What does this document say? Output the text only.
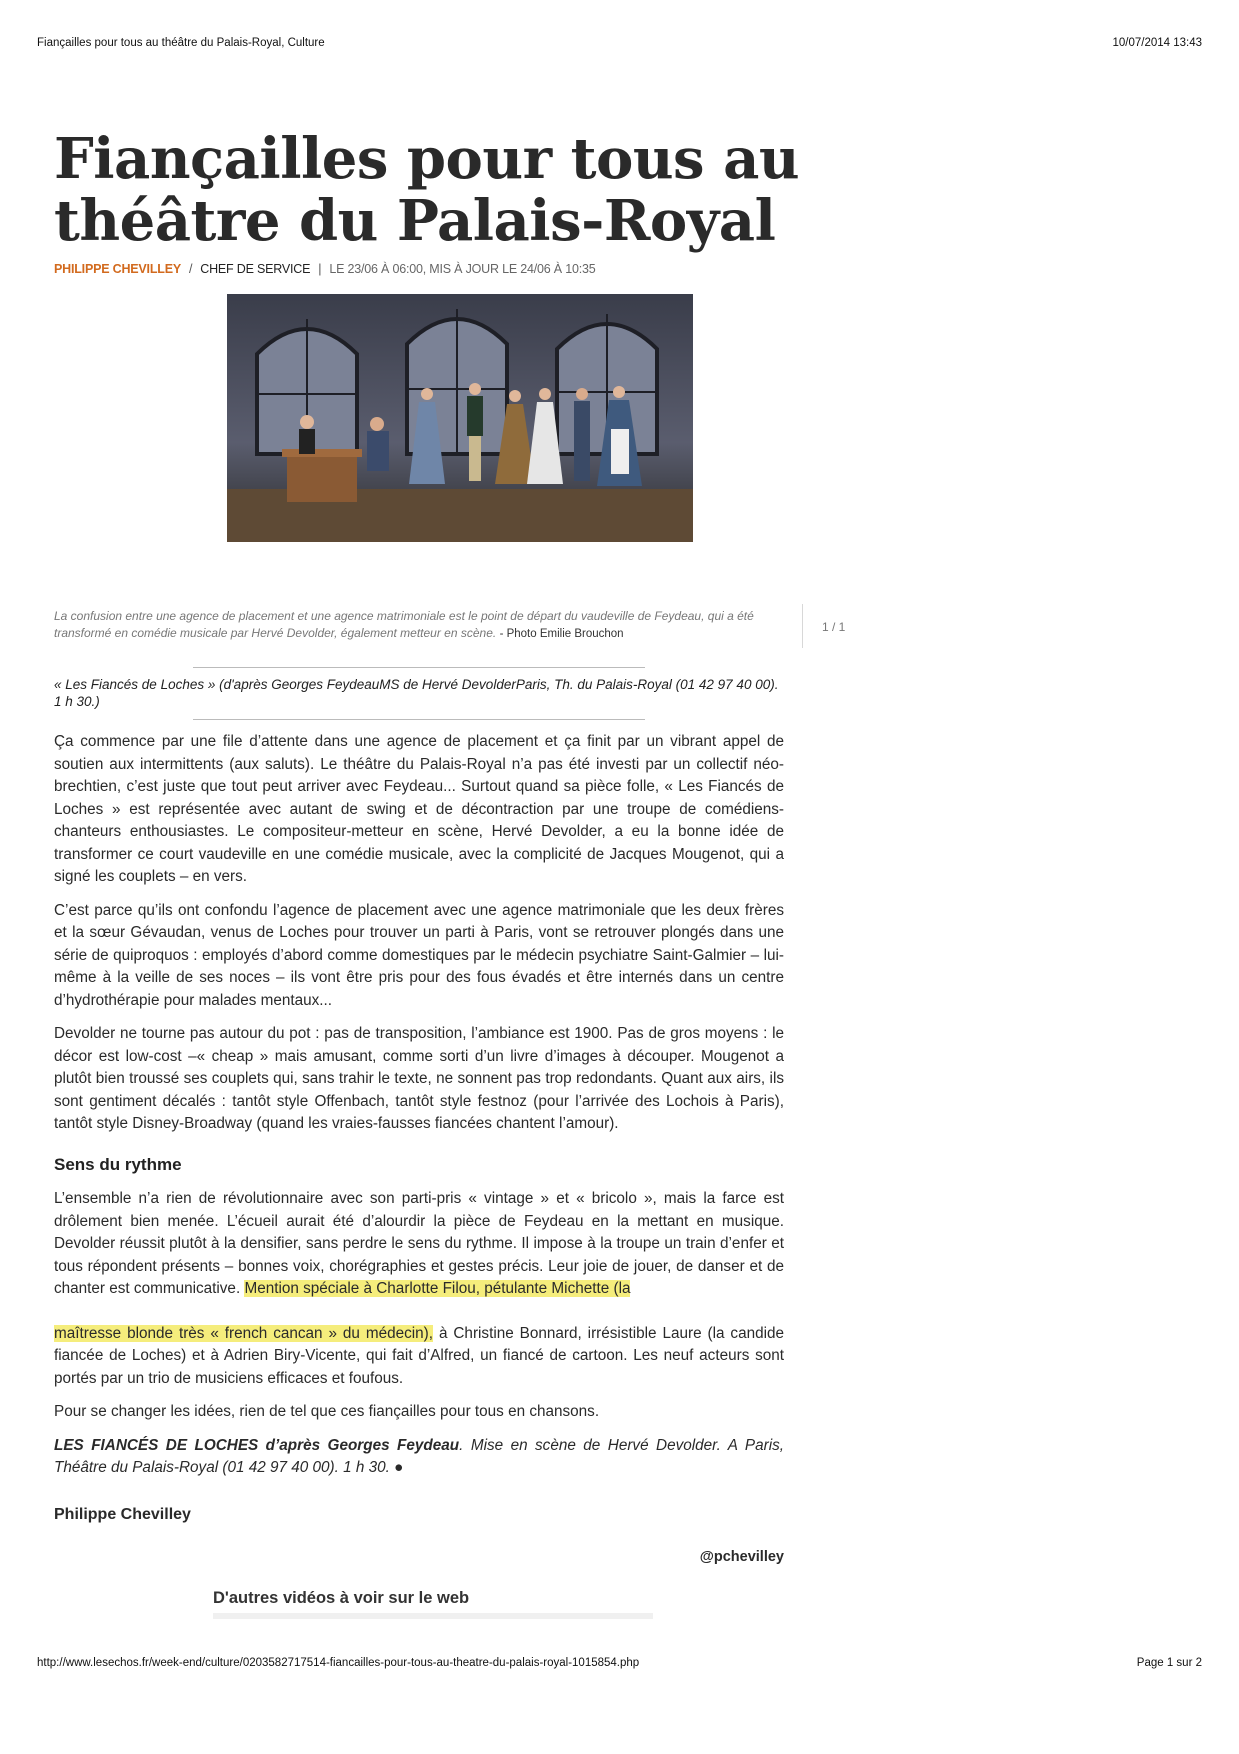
Fiançailles pour tous au théâtre du Palais-Royal, Culture	10/07/2014 13:43
Fiançailles pour tous au théâtre du Palais-Royal
PHILIPPE CHEVILLEY / CHEF DE SERVICE | LE 23/06 À 06:00, MIS À JOUR LE 24/06 À 10:35
La confusion entre une agence de placement et une agence matrimoniale est le point de départ du vaudeville de Feydeau, qui a été transformé en comédie musicale par Hervé Devolder, également metteur en scène. - Photo Emilie Brouchon	1 / 1
« Les Fiancés de Loches » (d'après Georges FeydeauMS de Hervé DevolderParis, Th. du Palais-Royal (01 42 97 40 00). 1 h 30.)

Ça commence par une file d’attente dans une agence de placement et ça finit par un vibrant appel de soutien aux intermittents (aux saluts). Le théâtre du Palais-Royal n’a pas été investi par un collectif néo-brechtien, c’est juste que tout peut arriver avec Feydeau... Surtout quand sa pièce folle, « Les Fiancés de Loches » est représentée avec autant de swing et de décontraction par une troupe de comédiens-chanteurs enthousiastes. Le compositeur-metteur en scène, Hervé Devolder, a eu la bonne idée de transformer ce court vaudeville en une comédie musicale, avec la complicité de Jacques Mougenot, qui a signé les couplets – en vers.

C’est parce qu’ils ont confondu l’agence de placement avec une agence matrimoniale que les deux frères et la sœur Gévaudan, venus de Loches pour trouver un parti à Paris, vont se retrouver plongés dans une série de quiproquos : employés d’abord comme domestiques par le médecin psychiatre Saint-Galmier – lui-même à la veille de ses noces – ils vont être pris pour des fous évadés et être internés dans un centre d’hydrothérapie pour malades mentaux...

Devolder ne tourne pas autour du pot : pas de transposition, l’ambiance est 1900. Pas de gros moyens : le décor est low-cost –« cheap » mais amusant, comme sorti d’un livre d’images à découper. Mougenot a plutôt bien troussé ses couplets qui, sans trahir le texte, ne sonnent pas trop redondants. Quant aux airs, ils sont gentiment décalés : tantôt style Offenbach, tantôt style festnoz (pour l’arrivée des Lochois à Paris), tantôt style Disney-Broadway (quand les vraies-fausses fiancées chantent l’amour).

Sens du rythme

L’ensemble n’a rien de révolutionnaire avec son parti-pris « vintage » et « bricolo », mais la farce est drôlement bien menée. L’écueil aurait été d’alourdir la pièce de Feydeau en la mettant en musique. Devolder réussit plutôt à la densifier, sans perdre le sens du rythme. Il impose à la troupe un train d’enfer et tous répondent présents – bonnes voix, chorégraphies et gestes précis. Leur joie de jouer, de danser et de chanter est communicative. Mention spéciale à Charlotte Filou, pétulante Michette (la
maîtresse blonde très « french cancan » du médecin), à Christine Bonnard, irrésistible Laure (la candide fiancée de Loches) et à Adrien Biry-Vicente, qui fait d’Alfred, un fiancé de cartoon. Les neuf acteurs sont portés par un trio de musiciens efficaces et foufous.

Pour se changer les idées, rien de tel que ces fiançailles pour tous en chansons.

LES FIANCÉS DE LOCHES d’après Georges Feydeau. Mise en scène de Hervé Devolder. A Paris, Théâtre du Palais-Royal (01 42 97 40 00). 1 h 30. ●

Philippe Chevilley

@pchevilley

D'autres vidéos à voir sur le web
http://www.lesechos.fr/week-end/culture/0203582717514-fiancailles-pour-tous-au-theatre-du-palais-royal-1015854.php	Page 1 sur 2
